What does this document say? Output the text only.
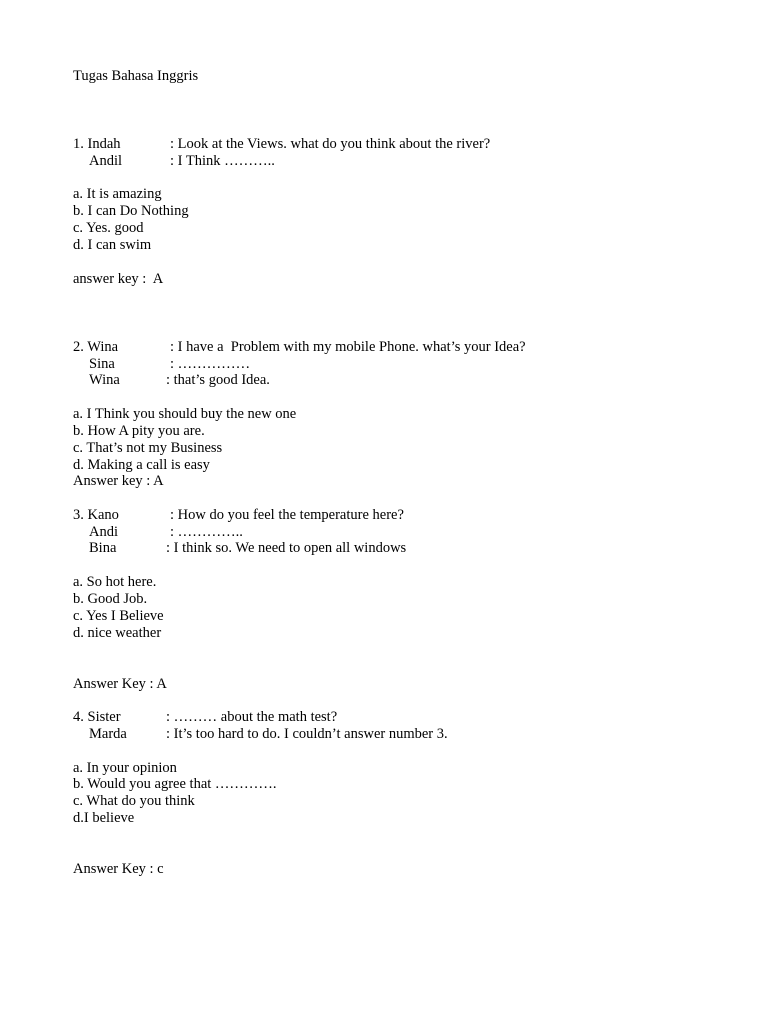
Tugas Bahasa Inggris
1. Indah	: Look at the Views. what do you think about the river?
Andil	: I Think ………..
a. It is amazing
b. I can Do Nothing
c. Yes. good
d. I can swim
answer key :  A
2. Wina	: I have a  Problem with my mobile Phone. what’s your Idea?
Sina	: ……………
Wina	: that’s good Idea.
a. I Think you should buy the new one
b. How A pity you are.
c. That’s not my Business
d. Making a call is easy
Answer key : A
3. Kano	: How do you feel the temperature here?
Andi	: …………..
Bina	: I think so. We need to open all windows
a. So hot here.
b. Good Job.
c. Yes I Believe
d. nice weather
Answer Key : A
4. Sister	: ……… about the math test?
Marda	: It’s too hard to do. I couldn’t answer number 3.
a. In your opinion
b. Would you agree that ………….
c. What do you think
d.I believe
Answer Key : c
